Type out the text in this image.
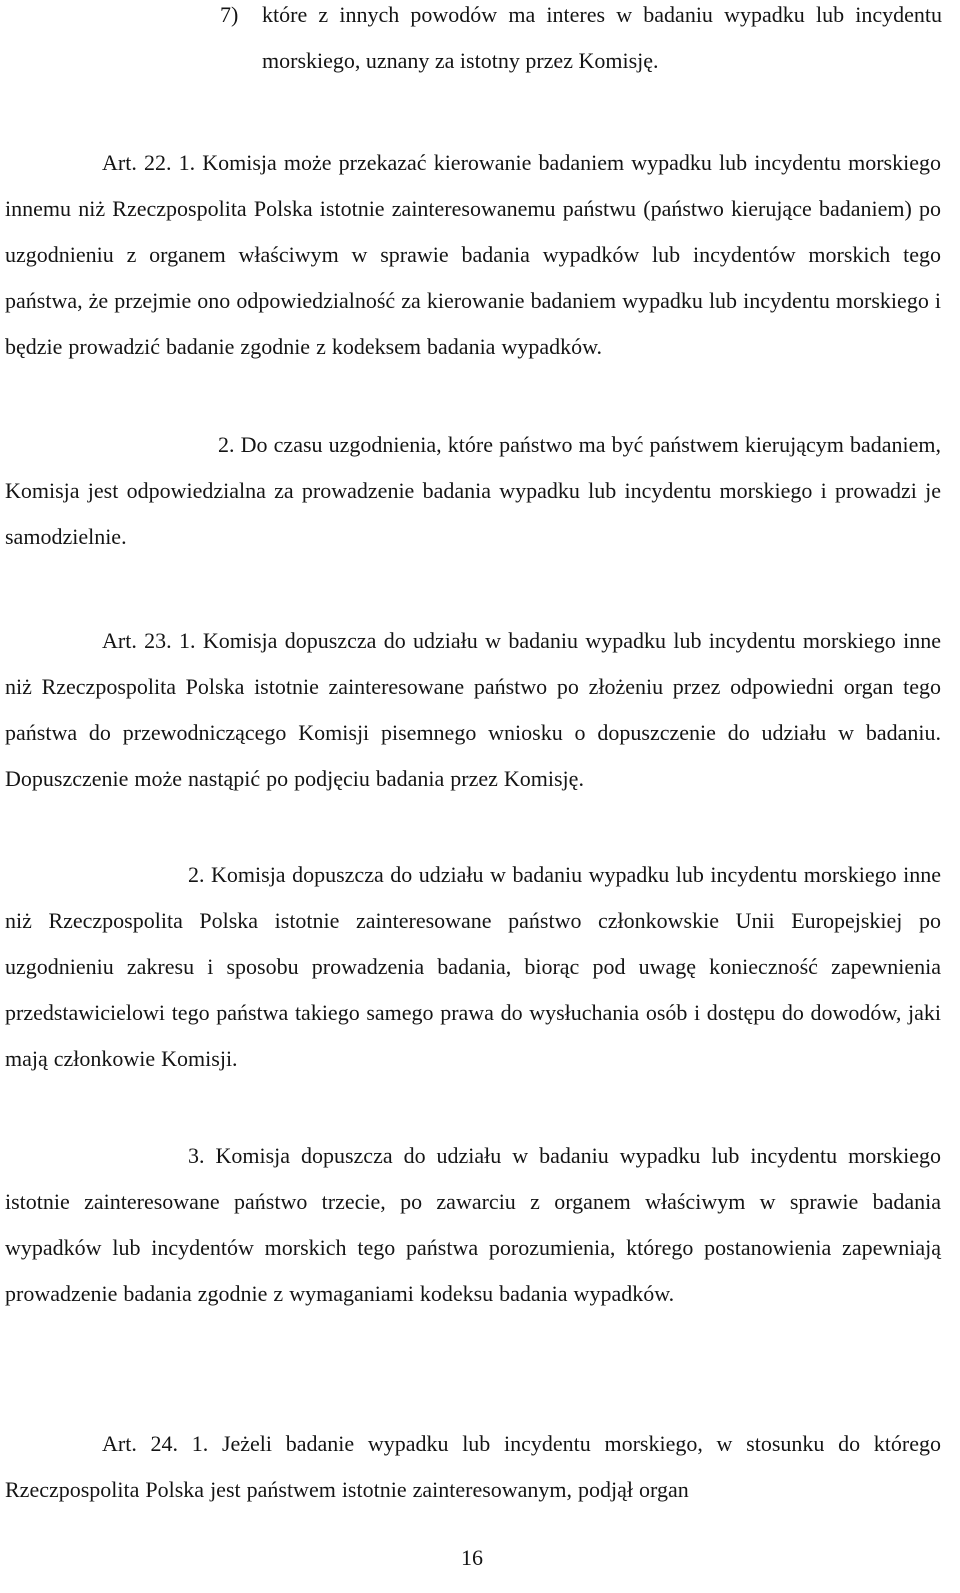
7) które z innych powodów ma interes w badaniu wypadku lub incydentu morskiego, uznany za istotny przez Komisję.

Art. 22. 1. Komisja może przekazać kierowanie badaniem wypadku lub incydentu morskiego innemu niż Rzeczpospolita Polska istotnie zainteresowanemu państwu (państwo kierujące badaniem) po uzgodnieniu z organem właściwym w sprawie badania wypadków lub incydentów morskich tego państwa, że przejmie ono odpowiedzialność za kierowanie badaniem wypadku lub incydentu morskiego i będzie prowadzić badanie zgodnie z kodeksem badania wypadków.

2. Do czasu uzgodnienia, które państwo ma być państwem kierującym badaniem, Komisja jest odpowiedzialna za prowadzenie badania wypadku lub incydentu morskiego i prowadzi je samodzielnie.

Art. 23. 1. Komisja dopuszcza do udziału w badaniu wypadku lub incydentu morskiego inne niż Rzeczpospolita Polska istotnie zainteresowane państwo po złożeniu przez odpowiedni organ tego państwa do przewodniczącego Komisji pisemnego wniosku o dopuszczenie do udziału w badaniu. Dopuszczenie może nastąpić po podjęciu badania przez Komisję.

2. Komisja dopuszcza do udziału w badaniu wypadku lub incydentu morskiego inne niż Rzeczpospolita Polska istotnie zainteresowane państwo członkowskie Unii Europejskiej po uzgodnieniu zakresu i sposobu prowadzenia badania, biorąc pod uwagę konieczność zapewnienia przedstawicielowi tego państwa takiego samego prawa do wysłuchania osób i dostępu do dowodów, jaki mają członkowie Komisji.

3. Komisja dopuszcza do udziału w badaniu wypadku lub incydentu morskiego istotnie zainteresowane państwo trzecie, po zawarciu z organem właściwym w sprawie badania wypadków lub incydentów morskich tego państwa porozumienia, którego postanowienia zapewniają prowadzenie badania zgodnie z wymaganiami kodeksu badania wypadków.

Art. 24. 1. Jeżeli badanie wypadku lub incydentu morskiego, w stosunku do którego Rzeczpospolita Polska jest państwem istotnie zainteresowanym, podjął organ

16
